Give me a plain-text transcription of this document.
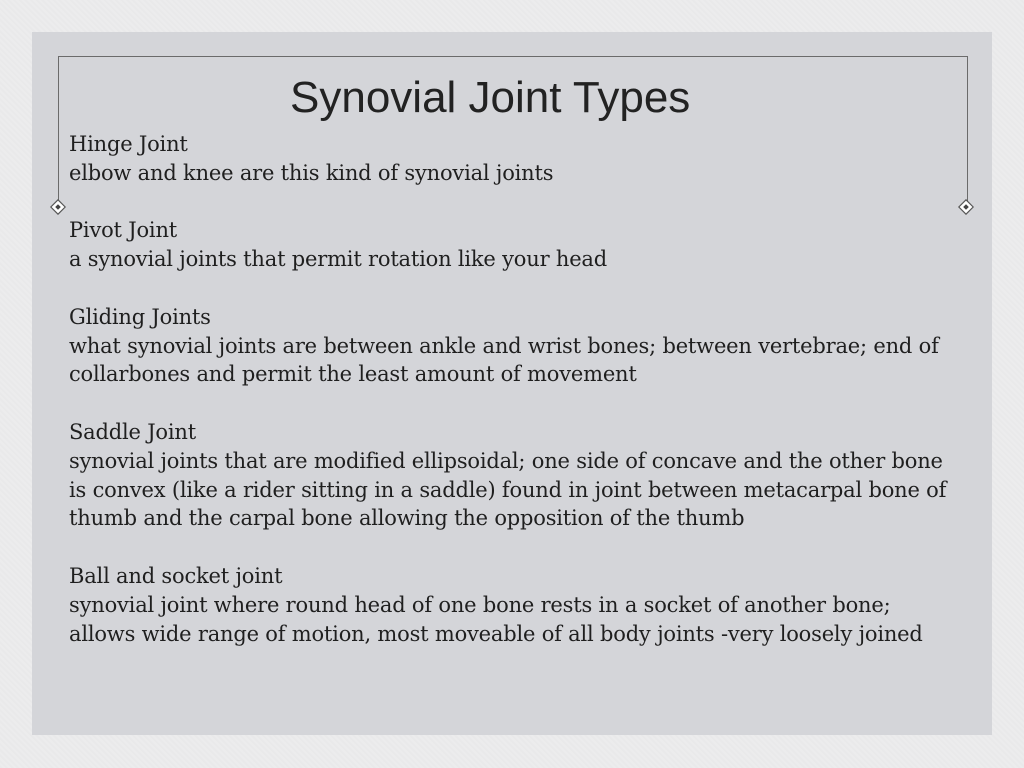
Synovial Joint Types
Hinge Joint
elbow and knee are this kind of synovial joints
Pivot Joint
a synovial joints that permit rotation like your head
Gliding Joints
what synovial joints are between ankle and wrist bones; between vertebrae; end of collarbones and permit the least amount of movement
Saddle Joint
synovial joints that are modified ellipsoidal; one side of concave and the other bone is convex (like a rider sitting in a saddle) found in joint between metacarpal bone of thumb and the carpal bone allowing the opposition of the thumb
Ball and socket joint
synovial joint where round head of one bone rests in a socket of another bone; allows wide range of motion, most moveable of all body joints -very loosely joined
